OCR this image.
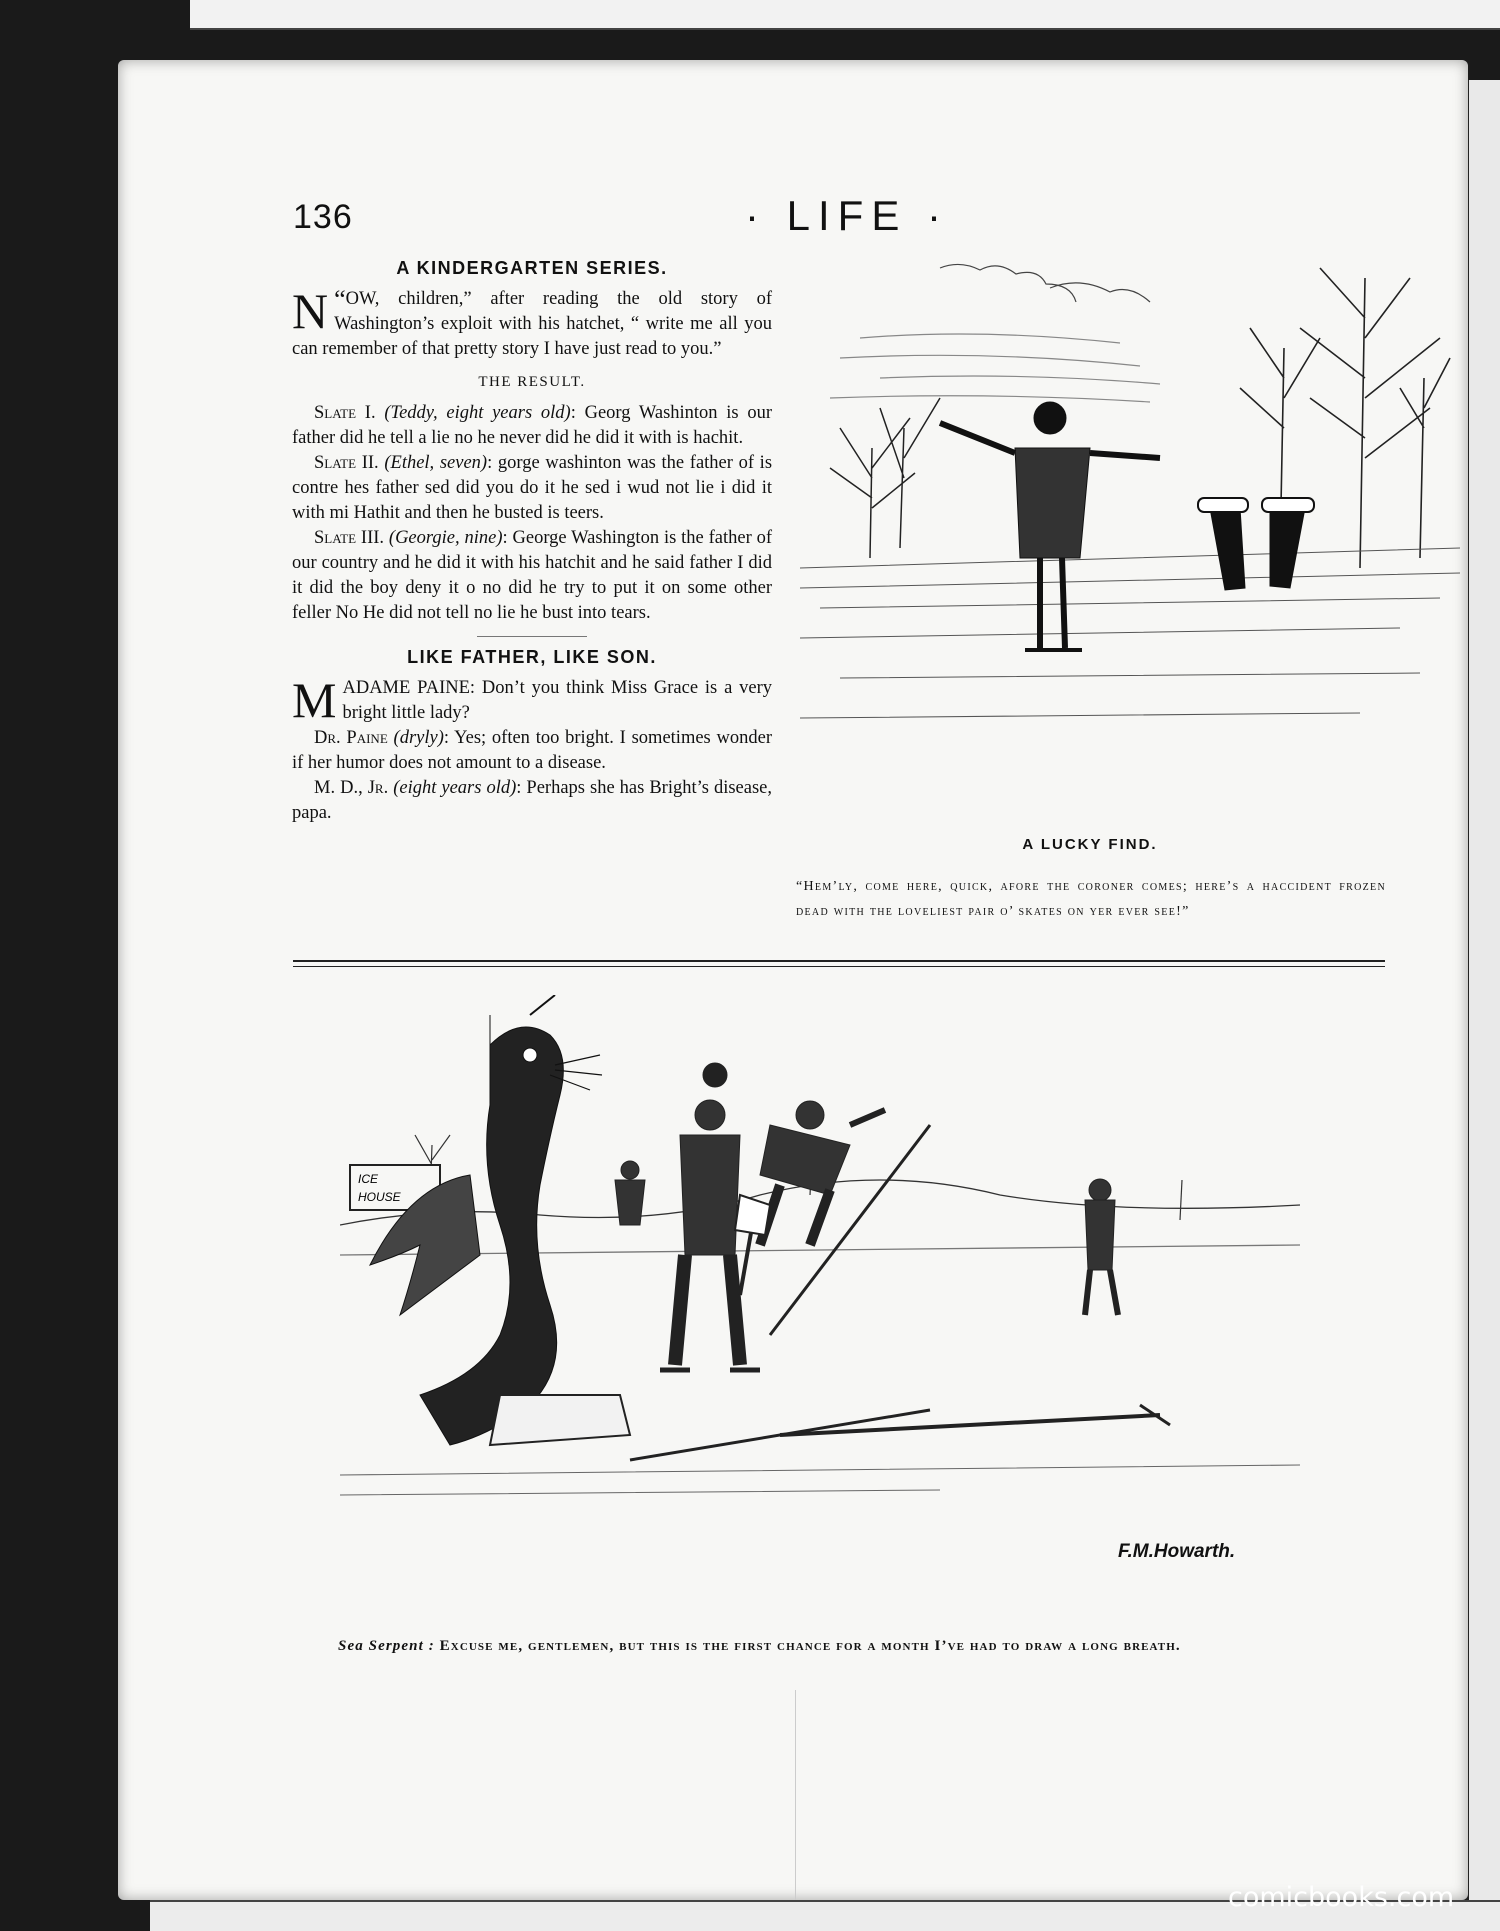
136	· LIFE ·
A KINDERGARTEN SERIES.

“
N OW, children,” after reading the old story of Washington’s exploit with his hatchet, “ write me all you can remember of that pretty story I have just read to you.”

THE RESULT.

Slate I. (Teddy, eight years old): Georg Washinton is our father did he tell a lie no he never did he did it with is hachit.

Slate II. (Ethel, seven): gorge washinton was the father of is contre hes father sed did you do it he sed i wud not lie i did it with mi Hathit and then he busted is teers.

Slate III. (Georgie, nine): George Washington is the father of our country and he did it with his hatchit and he said father I did it did the boy deny it o no did he try to put it on some other feller No He did not tell no lie he bust into tears.

LIKE FATHER, LIKE SON.

MADAME PAINE: Don’t you think Miss Grace is a very bright little lady?

Dr. Paine (dryly): Yes; often too bright. I sometimes wonder if her humor does not amount to a disease.

M. D., Jr. (eight years old): Perhaps she has Bright’s disease, papa.

A LUCKY FIND.
“Hem’ly, come here, quick, afore the coroner comes; here’s a haccident frozen dead with the loveliest pair o’ skates on yer ever see!”
ICE
HOUSE
F.M.Howarth.
Sea Serpent : Excuse me, gentlemen, but this is the first chance for a month I’ve had to draw a long breath.
comicbooks.com
